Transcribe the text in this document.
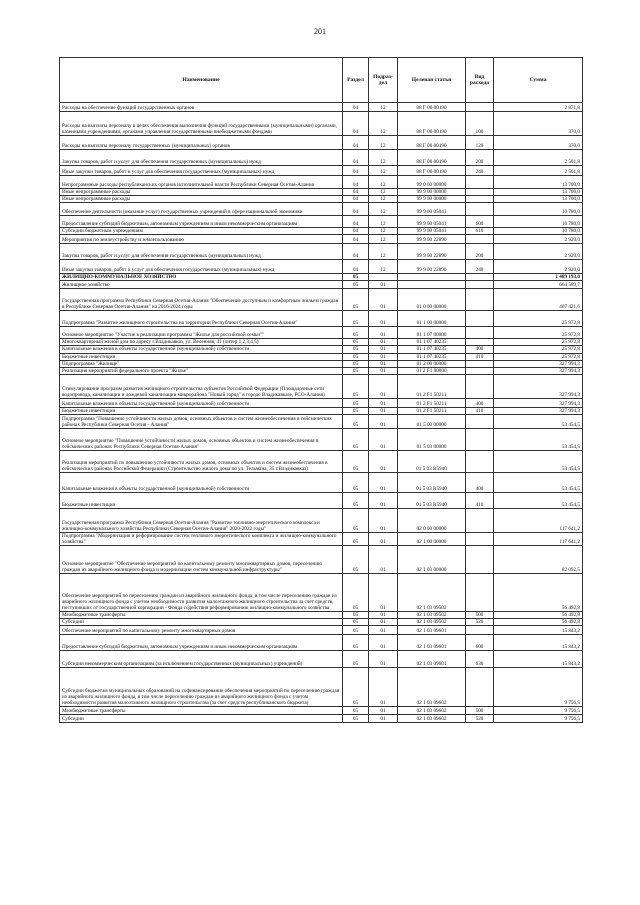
201
Наименование	Раздел	Подраз-дел	Целевая статья	Вид расхода	Сумма
Расходы на обеспечение функций государственных органов	04	12	88 Г 00 00190		2 871,8
Расходы на выплаты персоналу в целях обеспечения выполнения функций государственными (муниципальными) органами, казенными учреждениями, органами управления государственными внебюджетными фондами	04	12	88 Г 00 00190	100	370,0
Расходы на выплаты персоналу государственных (муниципальных) органов	04	12	88 Г 00 00190	120	370,0
Закупка товаров, работ и услуг для обеспечения государственных (муниципальных) нужд	04	12	88 Г 00 00190	200	2 501,8
Иные закупки товаров, работ и услуг для обеспечения государственных (муниципальных) нужд	04	12	88 Г 00 00190	240	2 501,8
Непрограммные расходы республиканских органов исполнительной власти Республики Северная Осетия-Алания	04	12	99 0 00 00000		13 700,0
Иные непрограммные расходы	04	12	99 9 00 00000		13 700,0
Иные непрограммные расходы	04	12	99 9 00 00000		13 700,0
Обеспечение деятельности (оказание услуг) государственных учреждений в сфере национальной экономики	04	12	99 9 00 05041		10 780,0
Предоставление субсидий бюджетным, автономным учреждениям и иным некоммерческим организациям	04	12	99 9 00 05041	600	10 780,0
Субсидии бюджетным учреждениям	04	12	99 9 00 05041	610	10 780,0
Мероприятия по землеустройству и землепользованию	04	12	99 9 00 22890		2 920,0
Закупка товаров, работ и услуг для обеспечения государственных (муниципальных) нужд	04	12	99 9 00 22890	200	2 920,0
Иные закупки товаров, работ и услуг для обеспечения государственных (муниципальных) нужд	04	12	99 9 00 22890	240	2 920,0
ЖИЛИЩНО-КОММУНАЛЬНОЕ ХОЗЯЙСТВО	05				1 489 193,0
Жилищное хозяйство	05	01			664 589,7
Государственная программа Республики Северная Осетия-Алания "Обеспечение доступным и комфортным жильем граждан в Республике Северная Осетия-Алания" на 2016-2024 годы	05	01	01 0 00 00000		407 421,6
Подпрограмма "Развитие жилищного строительства на территории Республики Северная Осетия-Алания"	05	01	01 1 00 00000		25 972,8
Основное мероприятие "Участие в реализации программы "Жилье для российской семьи""	05	01	01 1 07 00000		25 972,8
Многоквартирный жилой дом по адресу г.Владикавказ, ул. Весенняя, 41 (литер 1,2,3,4,5)	05	01	01 1 07 40235		25 972,8
Капитальные вложения в объекты государственной (муниципальной) собственности	05	01	01 1 07 40235	400	25 972,8
Бюджетные инвестиции	05	01	01 1 07 40235	410	25 972,8
Подпрограмма "Жилище"	05	01	01 2 00 00000		327 994,3
Реализация мероприятий федерального проекта "Жилье"	05	01	01 2 F1 00000		327 994,3
Стимулирование программ развития жилищного строительства субъектов Российской Федерации (Площадочные сети водопровода, канализации и дождевой канализации микрорайона "Новый город" в городе Владикавказе, РСО-Алания)	05	01	01 2 F1 50211		327 994,3
Капитальные вложения в объекты государственной (муниципальной) собственности	05	01	01 2 F1 50211	400	327 994,3
Бюджетные инвестиции	05	01	01 2 F1 50211	410	327 994,3
Подпрограмма "Повышение устойчивости жилых домов, основных объектов и систем жизнеобеспечения в сейсмических районах Республики Северная Осетия - Алания"	05	01	01 5 00 00000		53 454,5
Основное мероприятие "Повышение устойчивости жилых домов, основных объектов и систем жизнеобеспечения в сейсмических районах Республики Северная Осетия-Алания"	05	01	01 5 03 00000		53 454,5
Реализация мероприятий по повышению устойчивости жилых домов, основных объектов и систем жизнеобеспечения в сейсмических районах Российской Федерации (Строительство жилого дома по ул. Тельмана, 35 г.Владикавказ)	05	01	01 5 03 R5940		53 454,5
Капитальные вложения в объекты государственной (муниципальной) собственности	05	01	01 5 03 R5940	400	53 454,5
Бюджетные инвестиции	05	01	01 5 03 R5940	410	53 454,5
Государственная программа Республики Северная Осетия-Алания "Развитие топливно-энергетического комплекса и жилищно-коммунального хозяйства Республики Северная Осетия-Алания" 2020-2022 годы"	05	01	02 0 00 00000		117 641,2
Подпрограмма "Модернизация и реформирование систем теплового энергетического комплекса и жилищно-коммунального хозяйства"	05	01	02 1 00 00000		117 641,2
Основное мероприятие "Обеспечение мероприятий по капитальному ремонту многоквартирных домов, переселению граждан из аварийного жилищного фонда и модернизации систем коммунальной инфраструктуры"	05	01	02 1 03 00000		82 092,5
Обеспечение мероприятий по переселению граждан из аварийного жилищного фонда, в том числе переселению граждан из аварийного жилищного фонда с учетом необходимости развития малоэтажного жилищного строительства за счет средств, поступивших от государственной корпорации - Фонда содействия реформированию жилищно-коммунального хозяйства	05	01	02 1 03 09502		56 492,8
Межбюджетные трансферты	05	01	02 1 03 09502	500	56 492,8
Субсидии	05	01	02 1 03 09502	520	56 492,8
Обеспечение мероприятий по капитальному ремонту многоквартирных домов	05	01	02 1 03 09601		15 843,2
Предоставление субсидий бюджетным, автономным учреждениям и иным некоммерческим организациям	05	01	02 1 03 09601	600	15 843,2
Субсидии некоммерческим организациям (за исключением государственных (муниципальных) учреждений)	05	01	02 1 03 09601	630	15 843,2
Субсидии бюджетам муниципальных образований на софинансирование обеспечения мероприятий по переселению граждан из аварийного жилищного фонда, в том числе переселению граждан из аварийного жилищного фонда с учетом необходимости развития малоэтажного жилищного строительства (за счет средств республиканского бюджета)	05	01	02 1 03 09602		9 756,5
Межбюджетные трансферты	05	01	02 1 03 09602	500	9 756,5
Субсидии	05	01	02 1 03 09602	520	9 756,5
